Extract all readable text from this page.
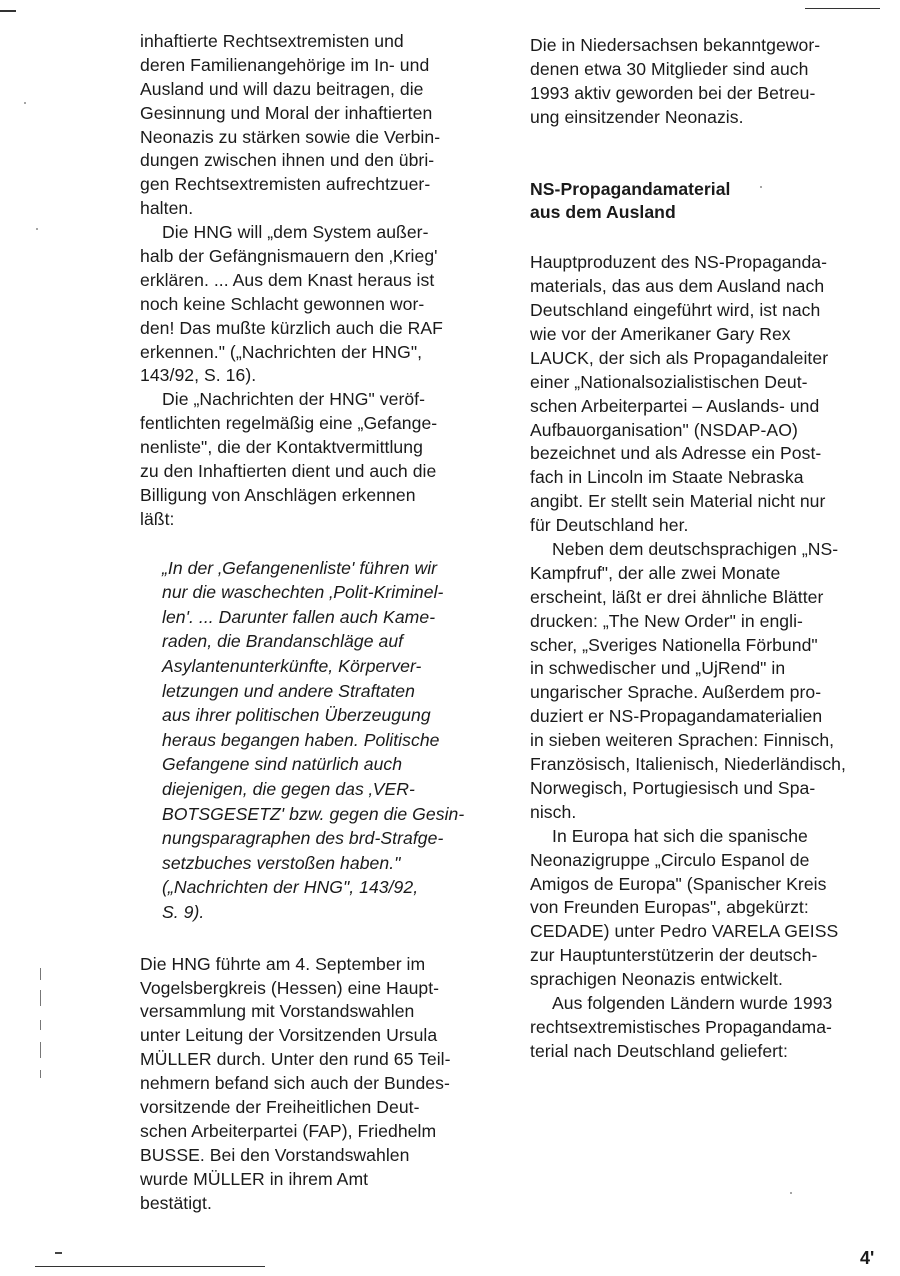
inhaftierte Rechtsextremisten und
deren Familienangehörige im In- und
Ausland und will dazu beitragen, die
Gesinnung und Moral der inhaftierten
Neonazis zu stärken sowie die Verbin-
dungen zwischen ihnen und den übri-
gen Rechtsextremisten aufrechtzuer-
halten.
Die HNG will „dem System außer-
halb der Gefängnismauern den ‚Krieg'
erklären. ... Aus dem Knast heraus ist
noch keine Schlacht gewonnen wor-
den! Das mußte kürzlich auch die RAF
erkennen." („Nachrichten der HNG",
143/92, S. 16).
Die „Nachrichten der HNG" veröf-
fentlichten regelmäßig eine „Gefange-
nenliste", die der Kontaktvermittlung
zu den Inhaftierten dient und auch die
Billigung von Anschlägen erkennen
läßt:
„In der ‚Gefangenenliste' führen wir
nur die waschechten ‚Polit-Kriminel-
len'. ... Darunter fallen auch Kame-
raden, die Brandanschläge auf
Asylantenunterkünfte, Körperver-
letzungen und andere Straftaten
aus ihrer politischen Überzeugung
heraus begangen haben. Politische
Gefangene sind natürlich auch
diejenigen, die gegen das ‚VER-
BOTSGESETZ' bzw. gegen die Gesin-
nungsparagraphen des brd-Strafge-
setzbuches verstoßen haben."
(„Nachrichten der HNG", 143/92,
S. 9).
Die HNG führte am 4. September im
Vogelsbergkreis (Hessen) eine Haupt-
versammlung mit Vorstandswahlen
unter Leitung der Vorsitzenden Ursula
MÜLLER durch. Unter den rund 65 Teil-
nehmern befand sich auch der Bundes-
vorsitzende der Freiheitlichen Deut-
schen Arbeiterpartei (FAP), Friedhelm
BUSSE. Bei den Vorstandswahlen
wurde MÜLLER in ihrem Amt
bestätigt.
Die in Niedersachsen bekanntgewor-
denen etwa 30 Mitglieder sind auch
1993 aktiv geworden bei der Betreu-
ung einsitzender Neonazis.
NS-Propagandamaterial
aus dem Ausland
Hauptproduzent des NS-Propaganda-
materials, das aus dem Ausland nach
Deutschland eingeführt wird, ist nach
wie vor der Amerikaner Gary Rex
LAUCK, der sich als Propagandaleiter
einer „Nationalsozialistischen Deut-
schen Arbeiterpartei – Auslands- und
Aufbauorganisation" (NSDAP-AO)
bezeichnet und als Adresse ein Post-
fach in Lincoln im Staate Nebraska
angibt. Er stellt sein Material nicht nur
für Deutschland her.
Neben dem deutschsprachigen „NS-
Kampfruf", der alle zwei Monate
erscheint, läßt er drei ähnliche Blätter
drucken: „The New Order" in engli-
scher, „Sveriges Nationella Förbund"
in schwedischer und „UjRend" in
ungarischer Sprache. Außerdem pro-
duziert er NS-Propagandamaterialien
in sieben weiteren Sprachen: Finnisch,
Französisch, Italienisch, Niederländisch,
Norwegisch, Portugiesisch und Spa-
nisch.
In Europa hat sich die spanische
Neonazigruppe „Circulo Espanol de
Amigos de Europa" (Spanischer Kreis
von Freunden Europas", abgekürzt:
CEDADE) unter Pedro VARELA GEISS
zur Hauptunterstützerin der deutsch-
sprachigen Neonazis entwickelt.
Aus folgenden Ländern wurde 1993
rechtsextremistisches Propagandama-
terial nach Deutschland geliefert:
4'
